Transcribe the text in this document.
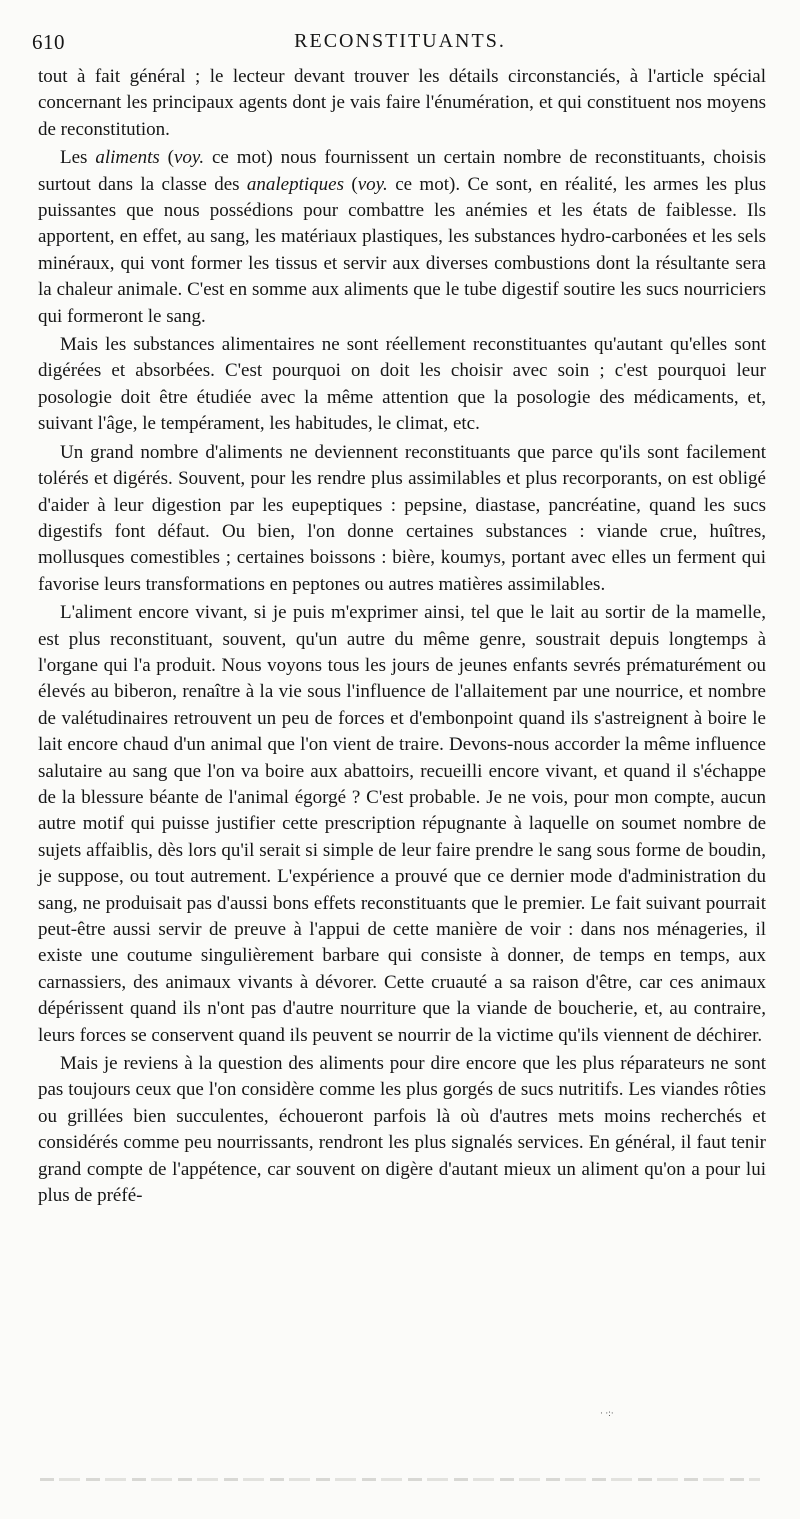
610	RECONSTITUANTS.

tout à fait général ; le lecteur devant trouver les détails circonstanciés, à l'article spécial concernant les principaux agents dont je vais faire l'énumération, et qui constituent nos moyens de reconstitution.

Les aliments (voy. ce mot) nous fournissent un certain nombre de reconstituants, choisis surtout dans la classe des analeptiques (voy. ce mot). Ce sont, en réalité, les armes les plus puissantes que nous possédions pour combattre les anémies et les états de faiblesse. Ils apportent, en effet, au sang, les matériaux plastiques, les substances hydro-carbonées et les sels minéraux, qui vont former les tissus et servir aux diverses combustions dont la résultante sera la chaleur animale. C'est en somme aux aliments que le tube digestif soutire les sucs nourriciers qui formeront le sang.

Mais les substances alimentaires ne sont réellement reconstituantes qu'autant qu'elles sont digérées et absorbées. C'est pourquoi on doit les choisir avec soin ; c'est pourquoi leur posologie doit être étudiée avec la même attention que la posologie des médicaments, et, suivant l'âge, le tempérament, les habitudes, le climat, etc.

Un grand nombre d'aliments ne deviennent reconstituants que parce qu'ils sont facilement tolérés et digérés. Souvent, pour les rendre plus assimilables et plus recorporants, on est obligé d'aider à leur digestion par les eupeptiques : pepsine, diastase, pancréatine, quand les sucs digestifs font défaut. Ou bien, l'on donne certaines substances : viande crue, huîtres, mollusques comestibles ; certaines boissons : bière, koumys, portant avec elles un ferment qui favorise leurs transformations en peptones ou autres matières assimilables.

L'aliment encore vivant, si je puis m'exprimer ainsi, tel que le lait au sortir de la mamelle, est plus reconstituant, souvent, qu'un autre du même genre, soustrait depuis longtemps à l'organe qui l'a produit. Nous voyons tous les jours de jeunes enfants sevrés prématurément ou élevés au biberon, renaître à la vie sous l'influence de l'allaitement par une nourrice, et nombre de valétudinaires retrouvent un peu de forces et d'embonpoint quand ils s'astreignent à boire le lait encore chaud d'un animal que l'on vient de traire. Devons-nous accorder la même influence salutaire au sang que l'on va boire aux abattoirs, recueilli encore vivant, et quand il s'échappe de la blessure béante de l'animal égorgé ? C'est probable. Je ne vois, pour mon compte, aucun autre motif qui puisse justifier cette prescription répugnante à laquelle on soumet nombre de sujets affaiblis, dès lors qu'il serait si simple de leur faire prendre le sang sous forme de boudin, je suppose, ou tout autrement. L'expérience a prouvé que ce dernier mode d'administration du sang, ne produisait pas d'aussi bons effets reconstituants que le premier. Le fait suivant pourrait peut-être aussi servir de preuve à l'appui de cette manière de voir : dans nos ménageries, il existe une coutume singulièrement barbare qui consiste à donner, de temps en temps, aux carnassiers, des animaux vivants à dévorer. Cette cruauté a sa raison d'être, car ces animaux dépérissent quand ils n'ont pas d'autre nourriture que la viande de boucherie, et, au contraire, leurs forces se conservent quand ils peuvent se nourrir de la victime qu'ils viennent de déchirer.

Mais je reviens à la question des aliments pour dire encore que les plus réparateurs ne sont pas toujours ceux que l'on considère comme les plus gorgés de sucs nutritifs. Les viandes rôties ou grillées bien succulentes, échoueront parfois là où d'autres mets moins recherchés et considérés comme peu nourrissants, rendront les plus signalés services. En général, il faut tenir grand compte de l'appétence, car souvent on digère d'autant mieux un aliment qu'on a pour lui plus de préfé-

· ·:·
